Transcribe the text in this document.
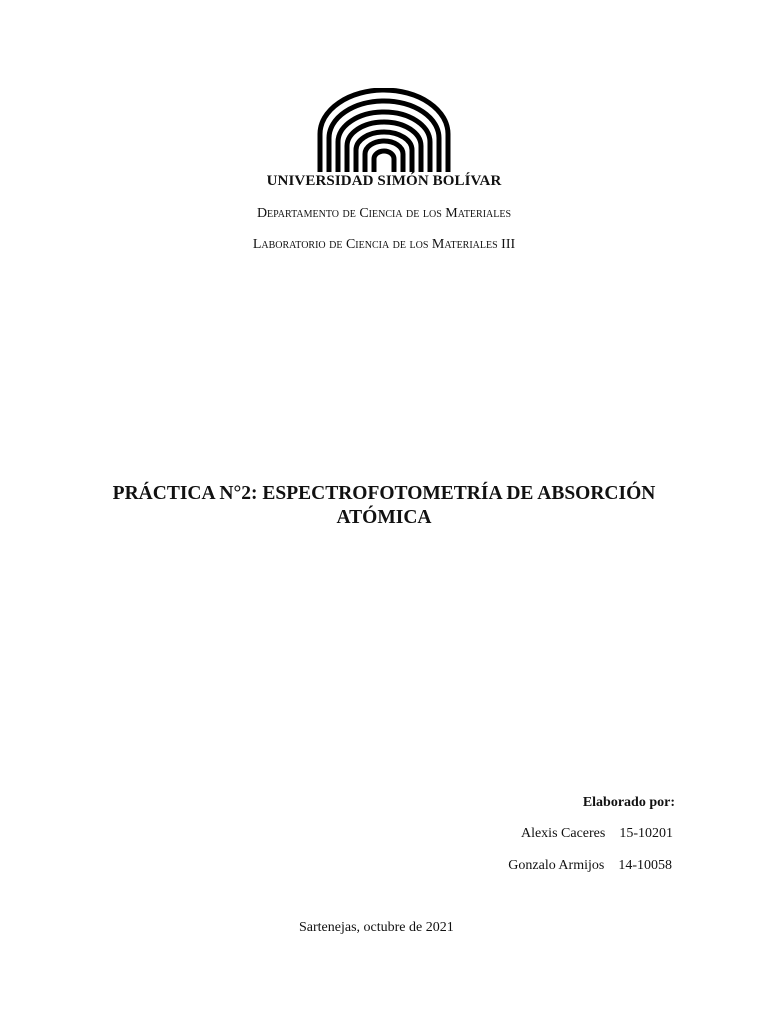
UNIVERSIDAD SIMÓN BOLÍVAR
Departamento de Ciencia de los Materiales
Laboratorio de Ciencia de los Materiales III
PRÁCTICA N°2: ESPECTROFOTOMETRÍA DE ABSORCIÓN
ATÓMICA
Elaborado por:
Alexis Caceres 15-10201
Gonzalo Armijos 14-10058
Sartenejas, octubre de 2021
